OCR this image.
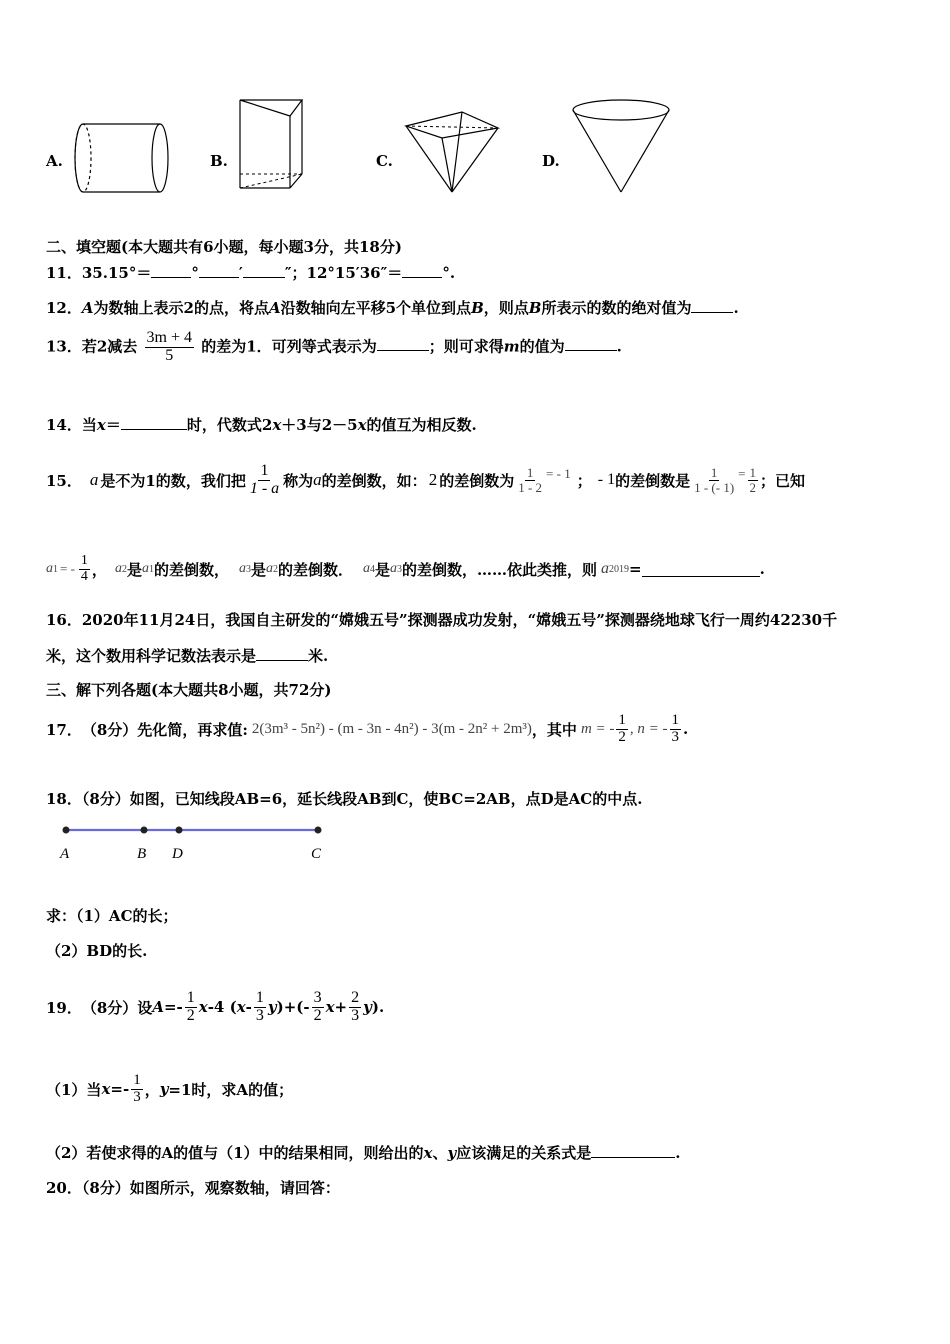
A.	B.	C.	D.
二、填空题(本大题共有6小题，每小题3分，共18分)
11．35.15°＝	°	′	″；12°15′36″＝	°.
12．A为数轴上表示2的点，将点A沿数轴向左平移5个单位到点B，则点B所表示的数的绝对值为	.
13．若2减去 $\frac{3m + 4}{5}$ 的差为1．可列等式表示为	；则可求得m的值为	.
14．当x＝	时，代数式2x＋3与2－5x的值互为相反数.
15． a 是不为1的数，我们把 $\frac{1}{1 - a}$ 称为 a 的差倒数，如： 2 的差倒数为 $\frac{1}{1 - 2}$ = - 1 ； - 1 的差倒数是 $\frac{1}{1 - (- 1)} = \frac{1}{2}$ ；已知
a 1 = - $\frac{1}{4}$ ， a 2 是 a 1 的差倒数， a 3 是 a 2 的差倒数． a 4 是 a 3 的差倒数，……依此类推，则 a 2019 =	.
16．2020年11月24日，我国自主研发的“嫦娥五号”探测器成功发射，“嫦娥五号”探测器绕地球飞行一周约42230千
米，这个数用科学记数法表示是	米.
三、解下列各题(本大题共8小题，共72分)
17． （8分）先化简，再求值: 2(3m³ - 5n²) - (m - 3n - 4n²) - 3(m - 2n² + 2m³) ，其中 m = - $\frac{1}{2}$ , n = - $\frac{1}{3}$ .
18．（8分）如图，已知线段AB=6，延长线段AB到C，使BC=2AB，点D是AC的中点.
A	B D	C
求：（1）AC的长；
（2）BD的长.
19． （8分）设 $A =- \frac{1}{2}$ x -4 ( x - $\frac{1}{3}$ y )+(- $\frac{3}{2}$ $x + \frac{2}{3}$ y ).
（1）当 $x =- \frac{1}{3}$ ， y =1时，求A的值；
（2）若使求得的A的值与（1）中的结果相同，则给出的x、y应该满足的关系式是	.
20．（8分）如图所示，观察数轴，请回答：
